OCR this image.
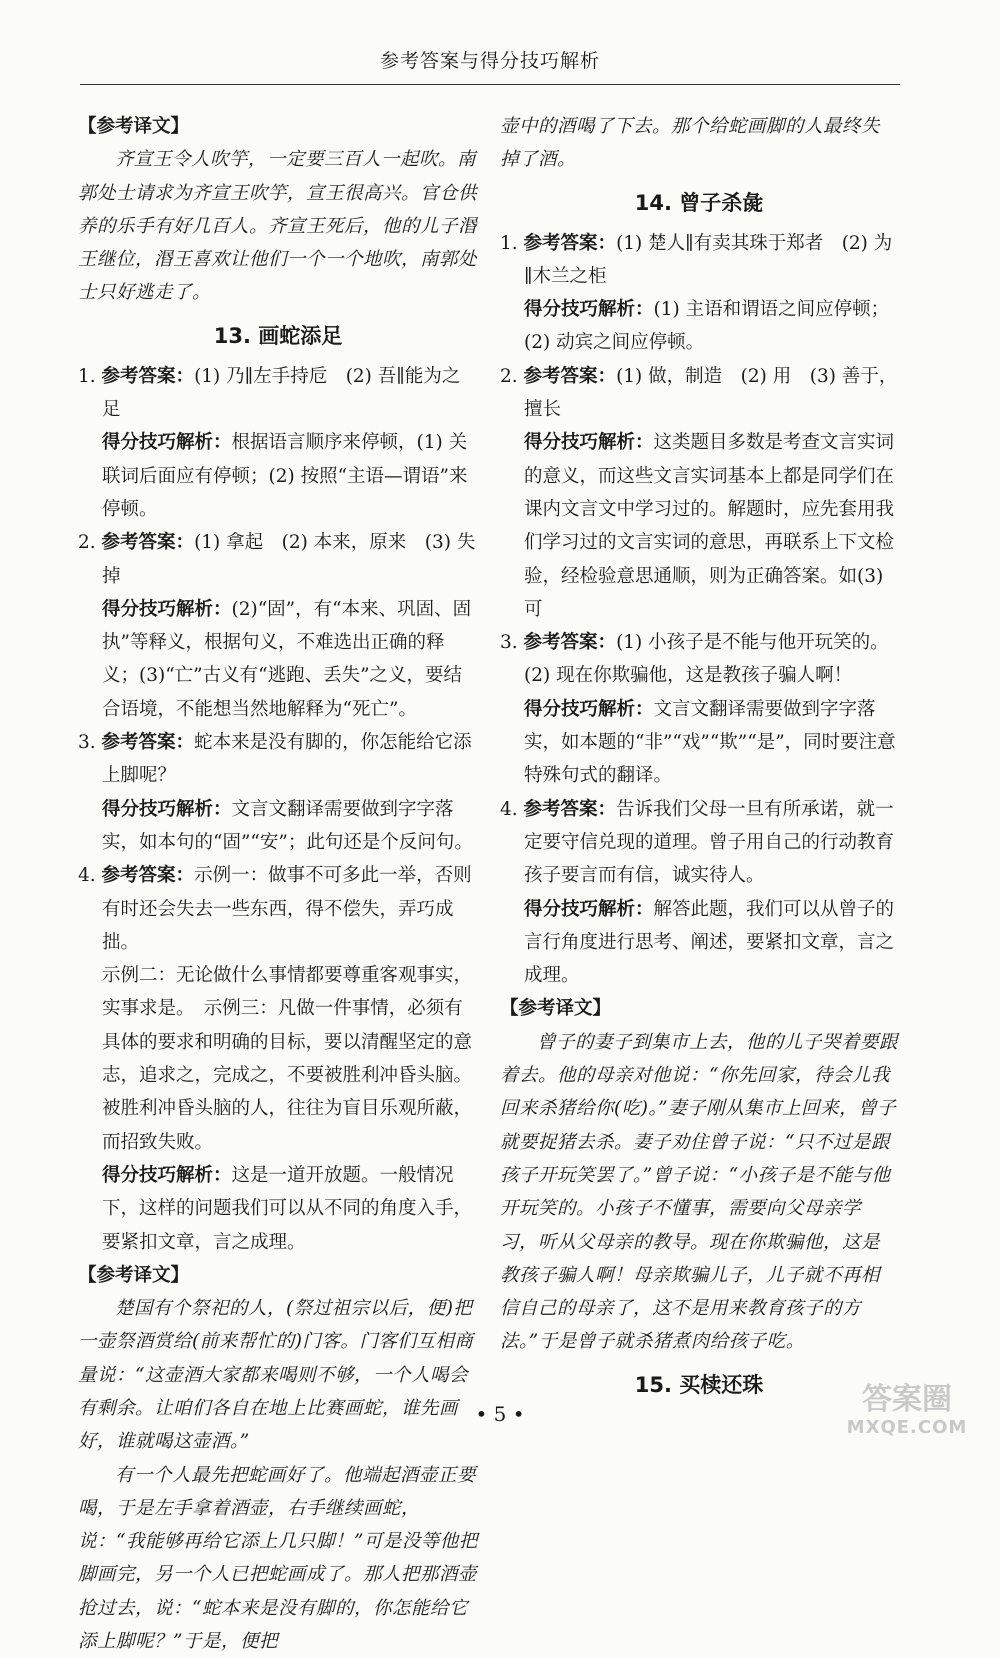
参考答案与得分技巧解析

【参考译文】

齐宣王令人吹竽，一定要三百人一起吹。南郭处士请求为齐宣王吹竽，宣王很高兴。官仓供养的乐手有好几百人。齐宣王死后，他的儿子湣王继位，湣王喜欢让他们一个一个地吹，南郭处士只好逃走了。

13. 画蛇添足

1. 参考答案：(1) 乃∥左手持卮　(2) 吾∥能为之足

得分技巧解析：根据语言顺序来停顿，(1) 关联词后面应有停顿；(2) 按照“主语—谓语”来停顿。

2. 参考答案：(1) 拿起　(2) 本来，原来　(3) 失掉

得分技巧解析：(2)“固”，有“本来、巩固、固执”等释义，根据句义，不难选出正确的释义；(3)“亡”古义有“逃跑、丢失”之义，要结合语境，不能想当然地解释为“死亡”。

3. 参考答案：蛇本来是没有脚的，你怎能给它添上脚呢？

得分技巧解析：文言文翻译需要做到字字落实，如本句的“固”“安”；此句还是个反问句。

4. 参考答案：示例一：做事不可多此一举，否则有时还会失去一些东西，得不偿失，弄巧成拙。

示例二：无论做什么事情都要尊重客观事实，实事求是。　示例三：凡做一件事情，必须有具体的要求和明确的目标，要以清醒坚定的意志，追求之，完成之，不要被胜利冲昏头脑。被胜利冲昏头脑的人，往往为盲目乐观所蔽，而招致失败。

得分技巧解析：这是一道开放题。一般情况下，这样的问题我们可以从不同的角度入手，要紧扣文章，言之成理。

【参考译文】

楚国有个祭祀的人，(祭过祖宗以后，便)把一壶祭酒赏给(前来帮忙的)门客。门客们互相商量说：“这壶酒大家都来喝则不够，一个人喝会有剩余。让咱们各自在地上比赛画蛇，谁先画好，谁就喝这壶酒。”

有一个人最先把蛇画好了。他端起酒壶正要喝，于是左手拿着酒壶，右手继续画蛇，说：“我能够再给它添上几只脚！”可是没等他把脚画完，另一个人已把蛇画成了。那人把那酒壶抢过去，说：“蛇本来是没有脚的，你怎能给它添上脚呢？”于是，便把

壶中的酒喝了下去。那个给蛇画脚的人最终失掉了酒。

14. 曾子杀彘

1. 参考答案：(1) 楚人∥有卖其珠于郑者　(2) 为∥木兰之柜

得分技巧解析：(1) 主语和谓语之间应停顿；(2) 动宾之间应停顿。

2. 参考答案：(1) 做，制造　(2) 用　(3) 善于，擅长

得分技巧解析：这类题目多数是考查文言实词的意义，而这些文言实词基本上都是同学们在课内文言文中学习过的。解题时，应先套用我们学习过的文言实词的意思，再联系上下文检验，经检验意思通顺，则为正确答案。如(3)可

3. 参考答案：(1) 小孩子是不能与他开玩笑的。

(2) 现在你欺骗他，这是教孩子骗人啊！

得分技巧解析：文言文翻译需要做到字字落实，如本题的“非”“戏”“欺”“是”，同时要注意特殊句式的翻译。

4. 参考答案：告诉我们父母一旦有所承诺，就一定要守信兑现的道理。曾子用自己的行动教育孩子要言而有信，诚实待人。

得分技巧解析：解答此题，我们可以从曾子的言行角度进行思考、阐述，要紧扣文章，言之成理。

【参考译文】

曾子的妻子到集市上去，他的儿子哭着要跟着去。他的母亲对他说：“你先回家，待会儿我回来杀猪给你(吃)。”妻子刚从集市上回来，曾子就要捉猪去杀。妻子劝住曾子说：“只不过是跟孩子开玩笑罢了。”曾子说：“小孩子是不能与他开玩笑的。小孩子不懂事，需要向父母亲学习，听从父母亲的教导。现在你欺骗他，这是教孩子骗人啊！母亲欺骗儿子，儿子就不再相信自己的母亲了，这不是用来教育孩子的方法。”于是曾子就杀猪煮肉给孩子吃。

15. 买椟还珠

• 5 •	答案圈
MXQE.COM
